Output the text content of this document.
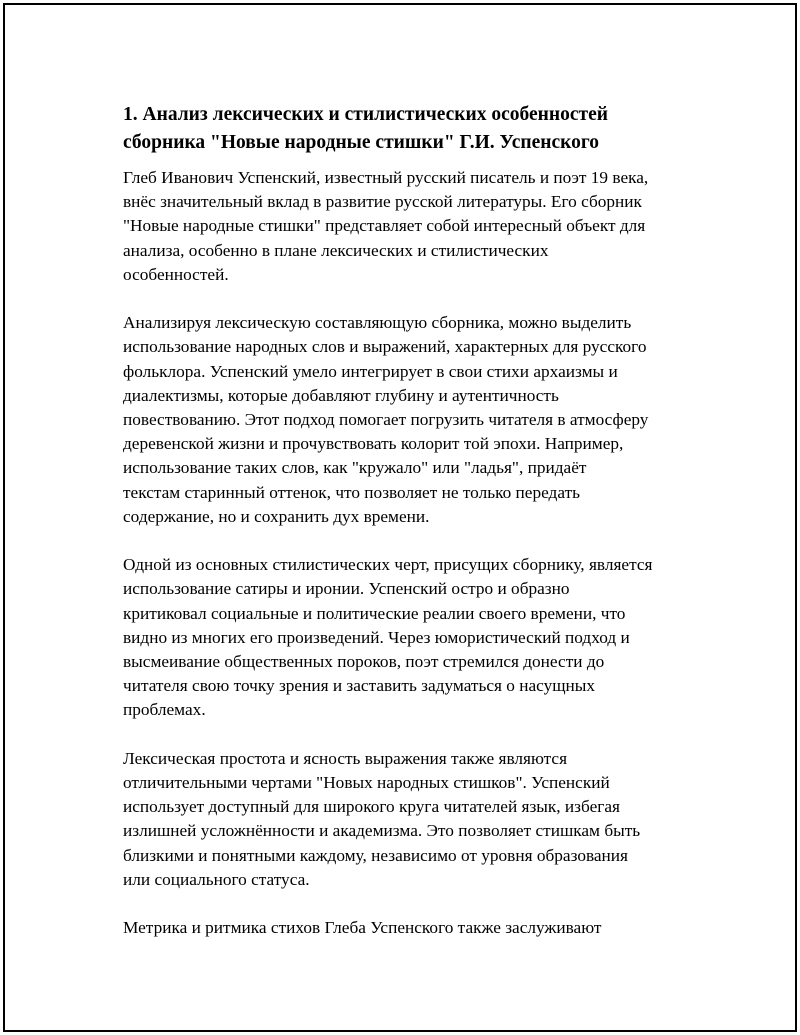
1. Анализ лексических и стилистических особенностей
сборника "Новые народные стишки" Г.И. Успенского
Глеб Иванович Успенский, известный русский писатель и поэт 19 века,
внёс значительный вклад в развитие русской литературы. Его сборник
"Новые народные стишки" представляет собой интересный объект для
анализа, особенно в плане лексических и стилистических
особенностей.
Анализируя лексическую составляющую сборника, можно выделить
использование народных слов и выражений, характерных для русского
фольклора. Успенский умело интегрирует в свои стихи архаизмы и
диалектизмы, которые добавляют глубину и аутентичность
повествованию. Этот подход помогает погрузить читателя в атмосферу
деревенской жизни и прочувствовать колорит той эпохи. Например,
использование таких слов, как "кружало" или "ладья", придаёт
текстам старинный оттенок, что позволяет не только передать
содержание, но и сохранить дух времени.
Одной из основных стилистических черт, присущих сборнику, является
использование сатиры и иронии. Успенский остро и образно
критиковал социальные и политические реалии своего времени, что
видно из многих его произведений. Через юмористический подход и
высмеивание общественных пороков, поэт стремился донести до
читателя свою точку зрения и заставить задуматься о насущных
проблемах.
Лексическая простота и ясность выражения также являются
отличительными чертами "Новых народных стишков". Успенский
использует доступный для широкого круга читателей язык, избегая
излишней усложнённости и академизма. Это позволяет стишкам быть
близкими и понятными каждому, независимо от уровня образования
или социального статуса.
Метрика и ритмика стихов Глеба Успенского также заслуживают
